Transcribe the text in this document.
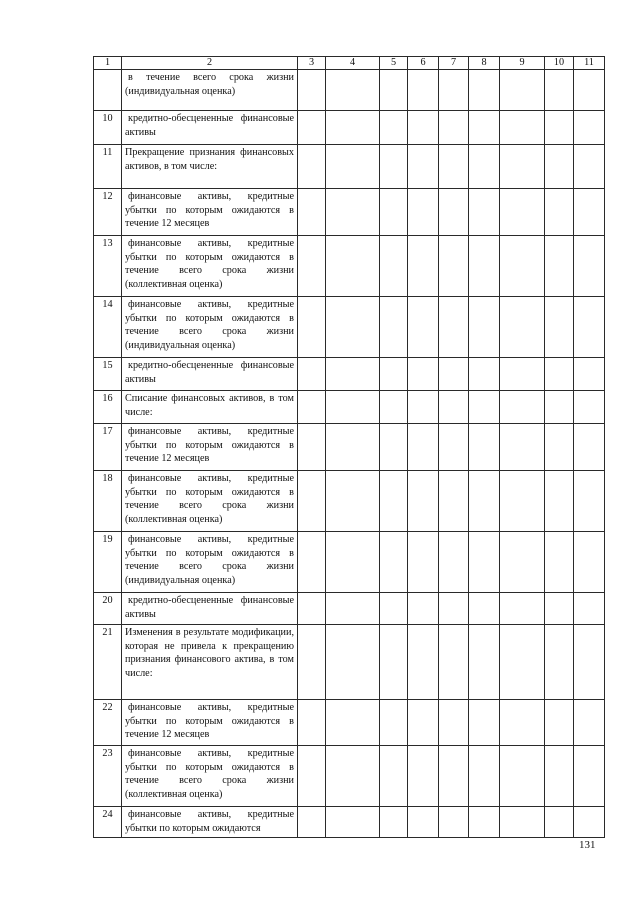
1	2	3	4	5	6	7	8	9	10	11
	в течение всего срока жизни (индивидуальная оценка)									
10	кредитно-обесцененные финансовые активы									
11	Прекращение признания финансовых активов, в том числе:									
12	финансовые активы, кредитные убытки по которым ожидаются в течение 12 месяцев									
13	финансовые активы, кредитные убытки по которым ожидаются в течение всего срока жизни (коллективная оценка)									
14	финансовые активы, кредитные убытки по которым ожидаются в течение всего срока жизни (индивидуальная оценка)									
15	кредитно-обесцененные финансовые активы									
16	Списание финансовых активов, в том числе:									
17	финансовые активы, кредитные убытки по которым ожидаются в течение 12 месяцев									
18	финансовые активы, кредитные убытки по которым ожидаются в течение всего срока жизни (коллективная оценка)									
19	финансовые активы, кредитные убытки по которым ожидаются в течение всего срока жизни (индивидуальная оценка)									
20	кредитно-обесцененные финансовые активы									
21	Изменения в результате модификации, которая не привела к прекращению признания финансового актива, в том числе:									
22	финансовые активы, кредитные убытки по которым ожидаются в течение 12 месяцев									
23	финансовые активы, кредитные убытки по которым ожидаются в течение всего срока жизни (коллективная оценка)									
24	финансовые активы, кредитные убытки по которым ожидаются									
131
